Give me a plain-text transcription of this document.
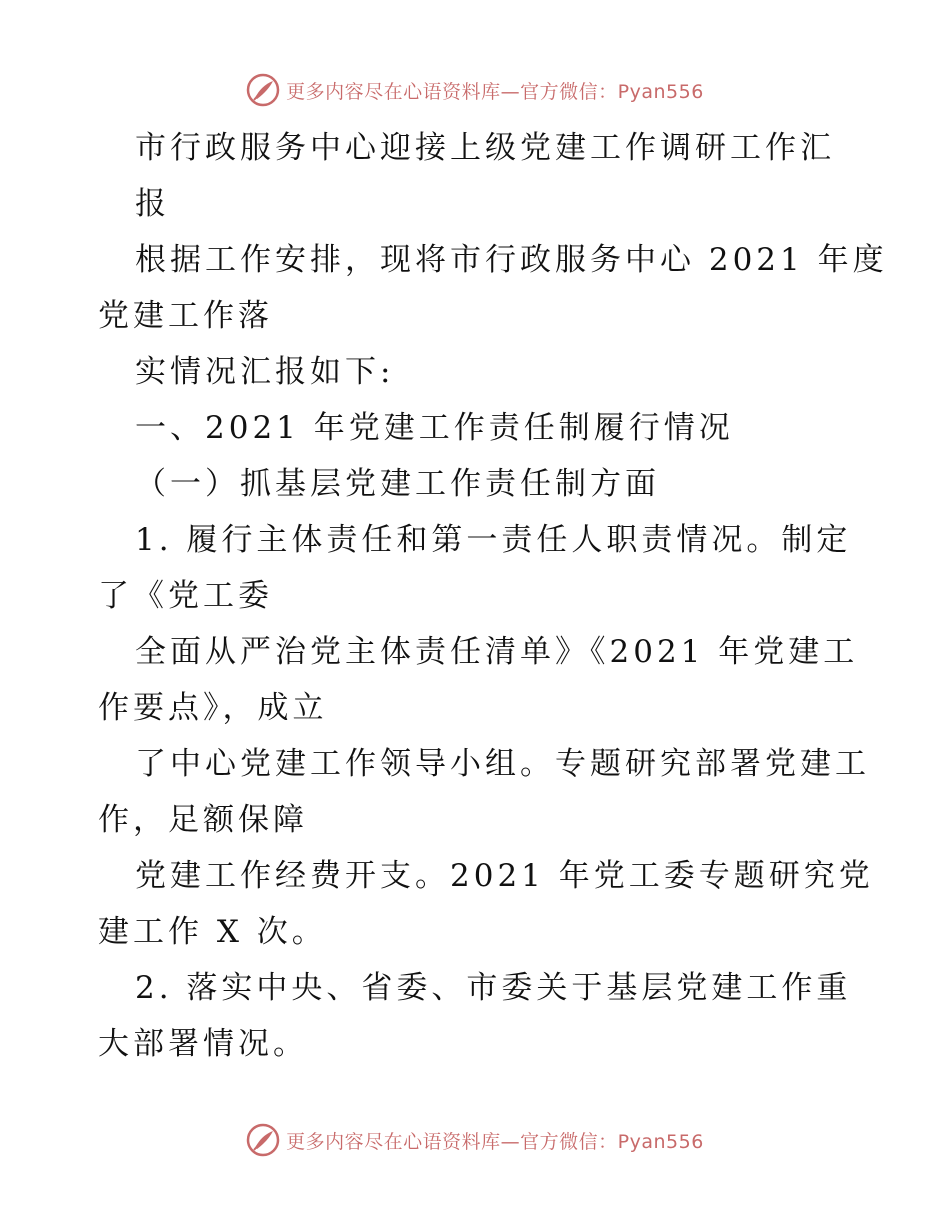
更多内容尽在心语资料库—官方微信：Pyan556

市行政服务中心迎接上级党建工作调研工作汇
报

根据工作安排，现将市行政服务中心 2021 年度
党建工作落

实情况汇报如下:

一、2021 年党建工作责任制履行情况

（一）抓基层党建工作责任制方面

1. 履行主体责任和第一责任人职责情况。制定
了《党工委

全面从严治党主体责任清单》《2021 年党建工
作要点》，成立

了中心党建工作领导小组。专题研究部署党建工
作，足额保障

党建工作经费开支。2021 年党工委专题研究党
建工作 X 次。

2. 落实中央、省委、市委关于基层党建工作重
大部署情况。

更多内容尽在心语资料库—官方微信：Pyan556
